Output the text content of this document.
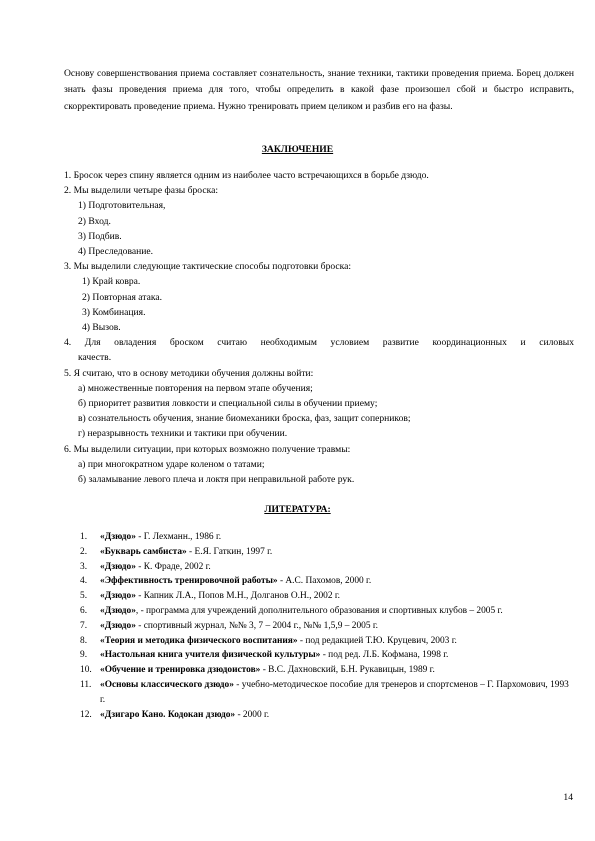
Основу совершенствования приема составляет сознательность, знание техники, тактики проведения приема. Борец должен знать фазы проведения приема для того, чтобы определить в какой фазе произошел сбой и быстро исправить, скорректировать проведение приема. Нужно тренировать прием целиком и разбив его на фазы.
ЗАКЛЮЧЕНИЕ
1. Бросок через спину является одним из наиболее часто встречающихся в борьбе дзюдо.
2. Мы выделили четыре фазы броска:
1) Подготовительная,
2) Вход.
3) Подбив.
4) Преследование.
3. Мы выделили следующие тактические способы подготовки броска:
1) Край ковра.
2) Повторная атака.
3) Комбинация.
4) Вызов.
4. Для овладения броском считаю необходимым условием развитие координационных и силовых
качеств.
5. Я считаю, что в основу методики обучения должны войти:
а) множественные повторения на первом этапе обучения;
б) приоритет развития ловкости и специальной силы в обучении приему;
в) сознательность обучения, знание биомеханики броска, фаз, защит соперников;
г) неразрывность техники и тактики при обучении.
6. Мы выделили ситуации, при которых возможно получение травмы:
а) при многократном ударе коленом о татами;
б) заламывание левого плеча и локтя при неправильной работе рук.
ЛИТЕРАТУРА:
1.	«Дзюдо» - Г. Лехманн., 1986 г.
2.	«Букварь самбиста» - Е.Я. Гаткин, 1997 г.
3.	«Дзюдо» - К. Фраде, 2002 г.
4.	«Эффективность тренировочной работы» - А.С. Пахомов, 2000 г.
5.	«Дзюдо» - Капник Л.А., Попов М.Н., Долганов О.Н., 2002 г.
6.	«Дзюдо», - программа для учреждений дополнительного образования и спортивных клубов – 2005 г.
7.	«Дзюдо» - спортивный журнал, №№ 3, 7 – 2004 г., №№ 1,5,9 – 2005 г.
8.	«Теория и методика физического воспитания» - под редакцией Т.Ю. Круцевич, 2003 г.
9.	«Настольная книга учителя физической культуры» - под ред. Л.Б. Кофмана, 1998 г.
10. «Обучение и тренировка дзюдоистов» - В.С. Дахновский, Б.Н. Рукавицын, 1989 г.
11. «Основы классического дзюдо» - учебно-методическое пособие для тренеров и спортсменов – Г. Пархомович, 1993 г.
12. «Дзигаро Кано. Кодокан дзюдо» - 2000 г.
14
